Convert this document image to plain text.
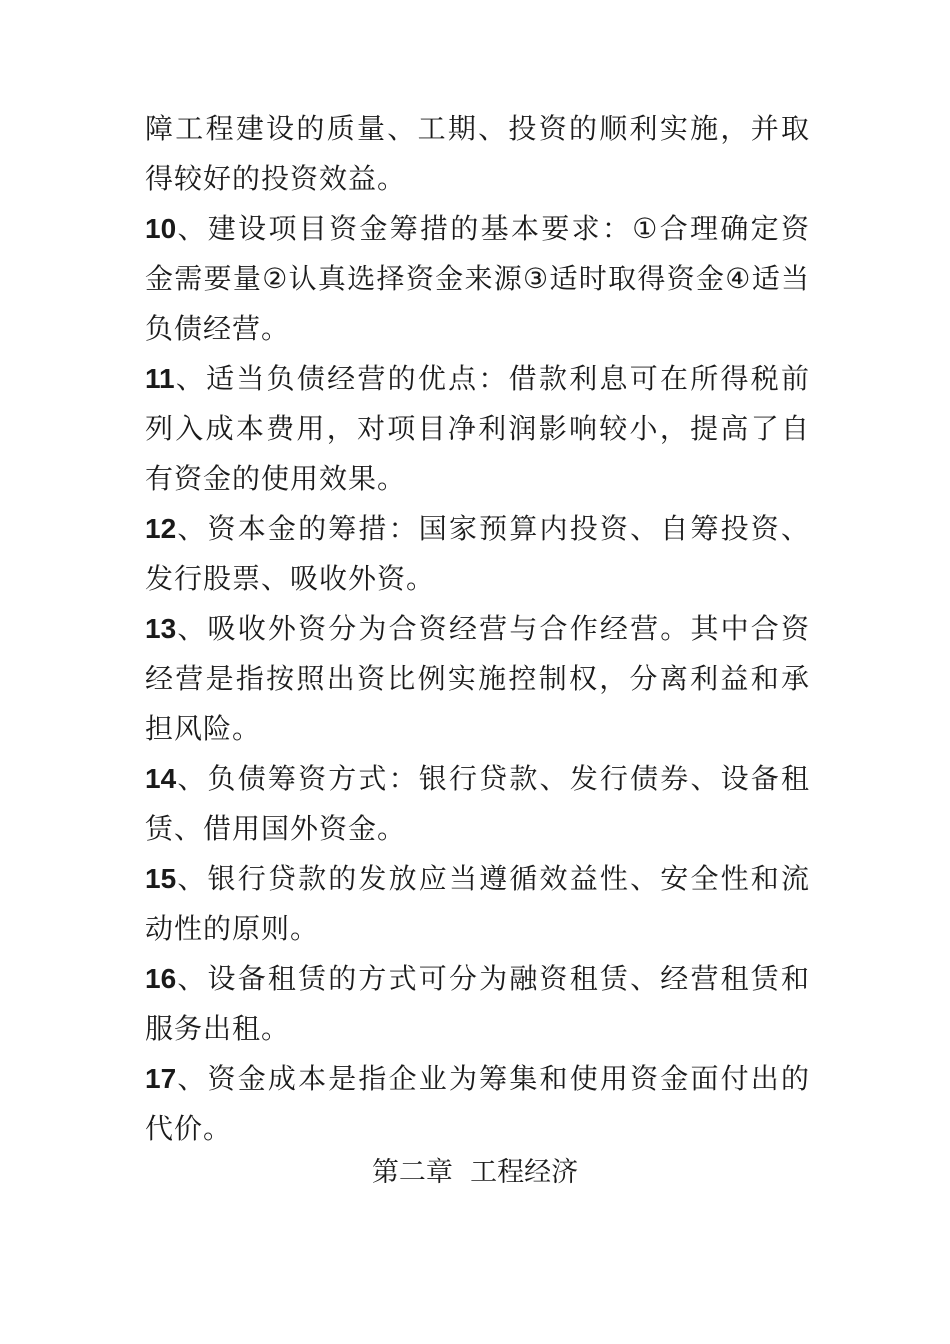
障工程建设的质量、工期、投资的顺利实施，并取得较好的投资效益。

10、建设项目资金筹措的基本要求：①合理确定资金需要量②认真选择资金来源③适时取得资金④适当负债经营。

11、适当负债经营的优点：借款利息可在所得税前列入成本费用，对项目净利润影响较小，提高了自有资金的使用效果。

12、资本金的筹措：国家预算内投资、自筹投资、发行股票、吸收外资。

13、吸收外资分为合资经营与合作经营。其中合资经营是指按照出资比例实施控制权，分离利益和承担风险。

14、负债筹资方式：银行贷款、发行债券、设备租赁、借用国外资金。

15、银行贷款的发放应当遵循效益性、安全性和流动性的原则。

16、设备租赁的方式可分为融资租赁、经营租赁和服务出租。

17、资金成本是指企业为筹集和使用资金面付出的代价。

第二章  工程经济
